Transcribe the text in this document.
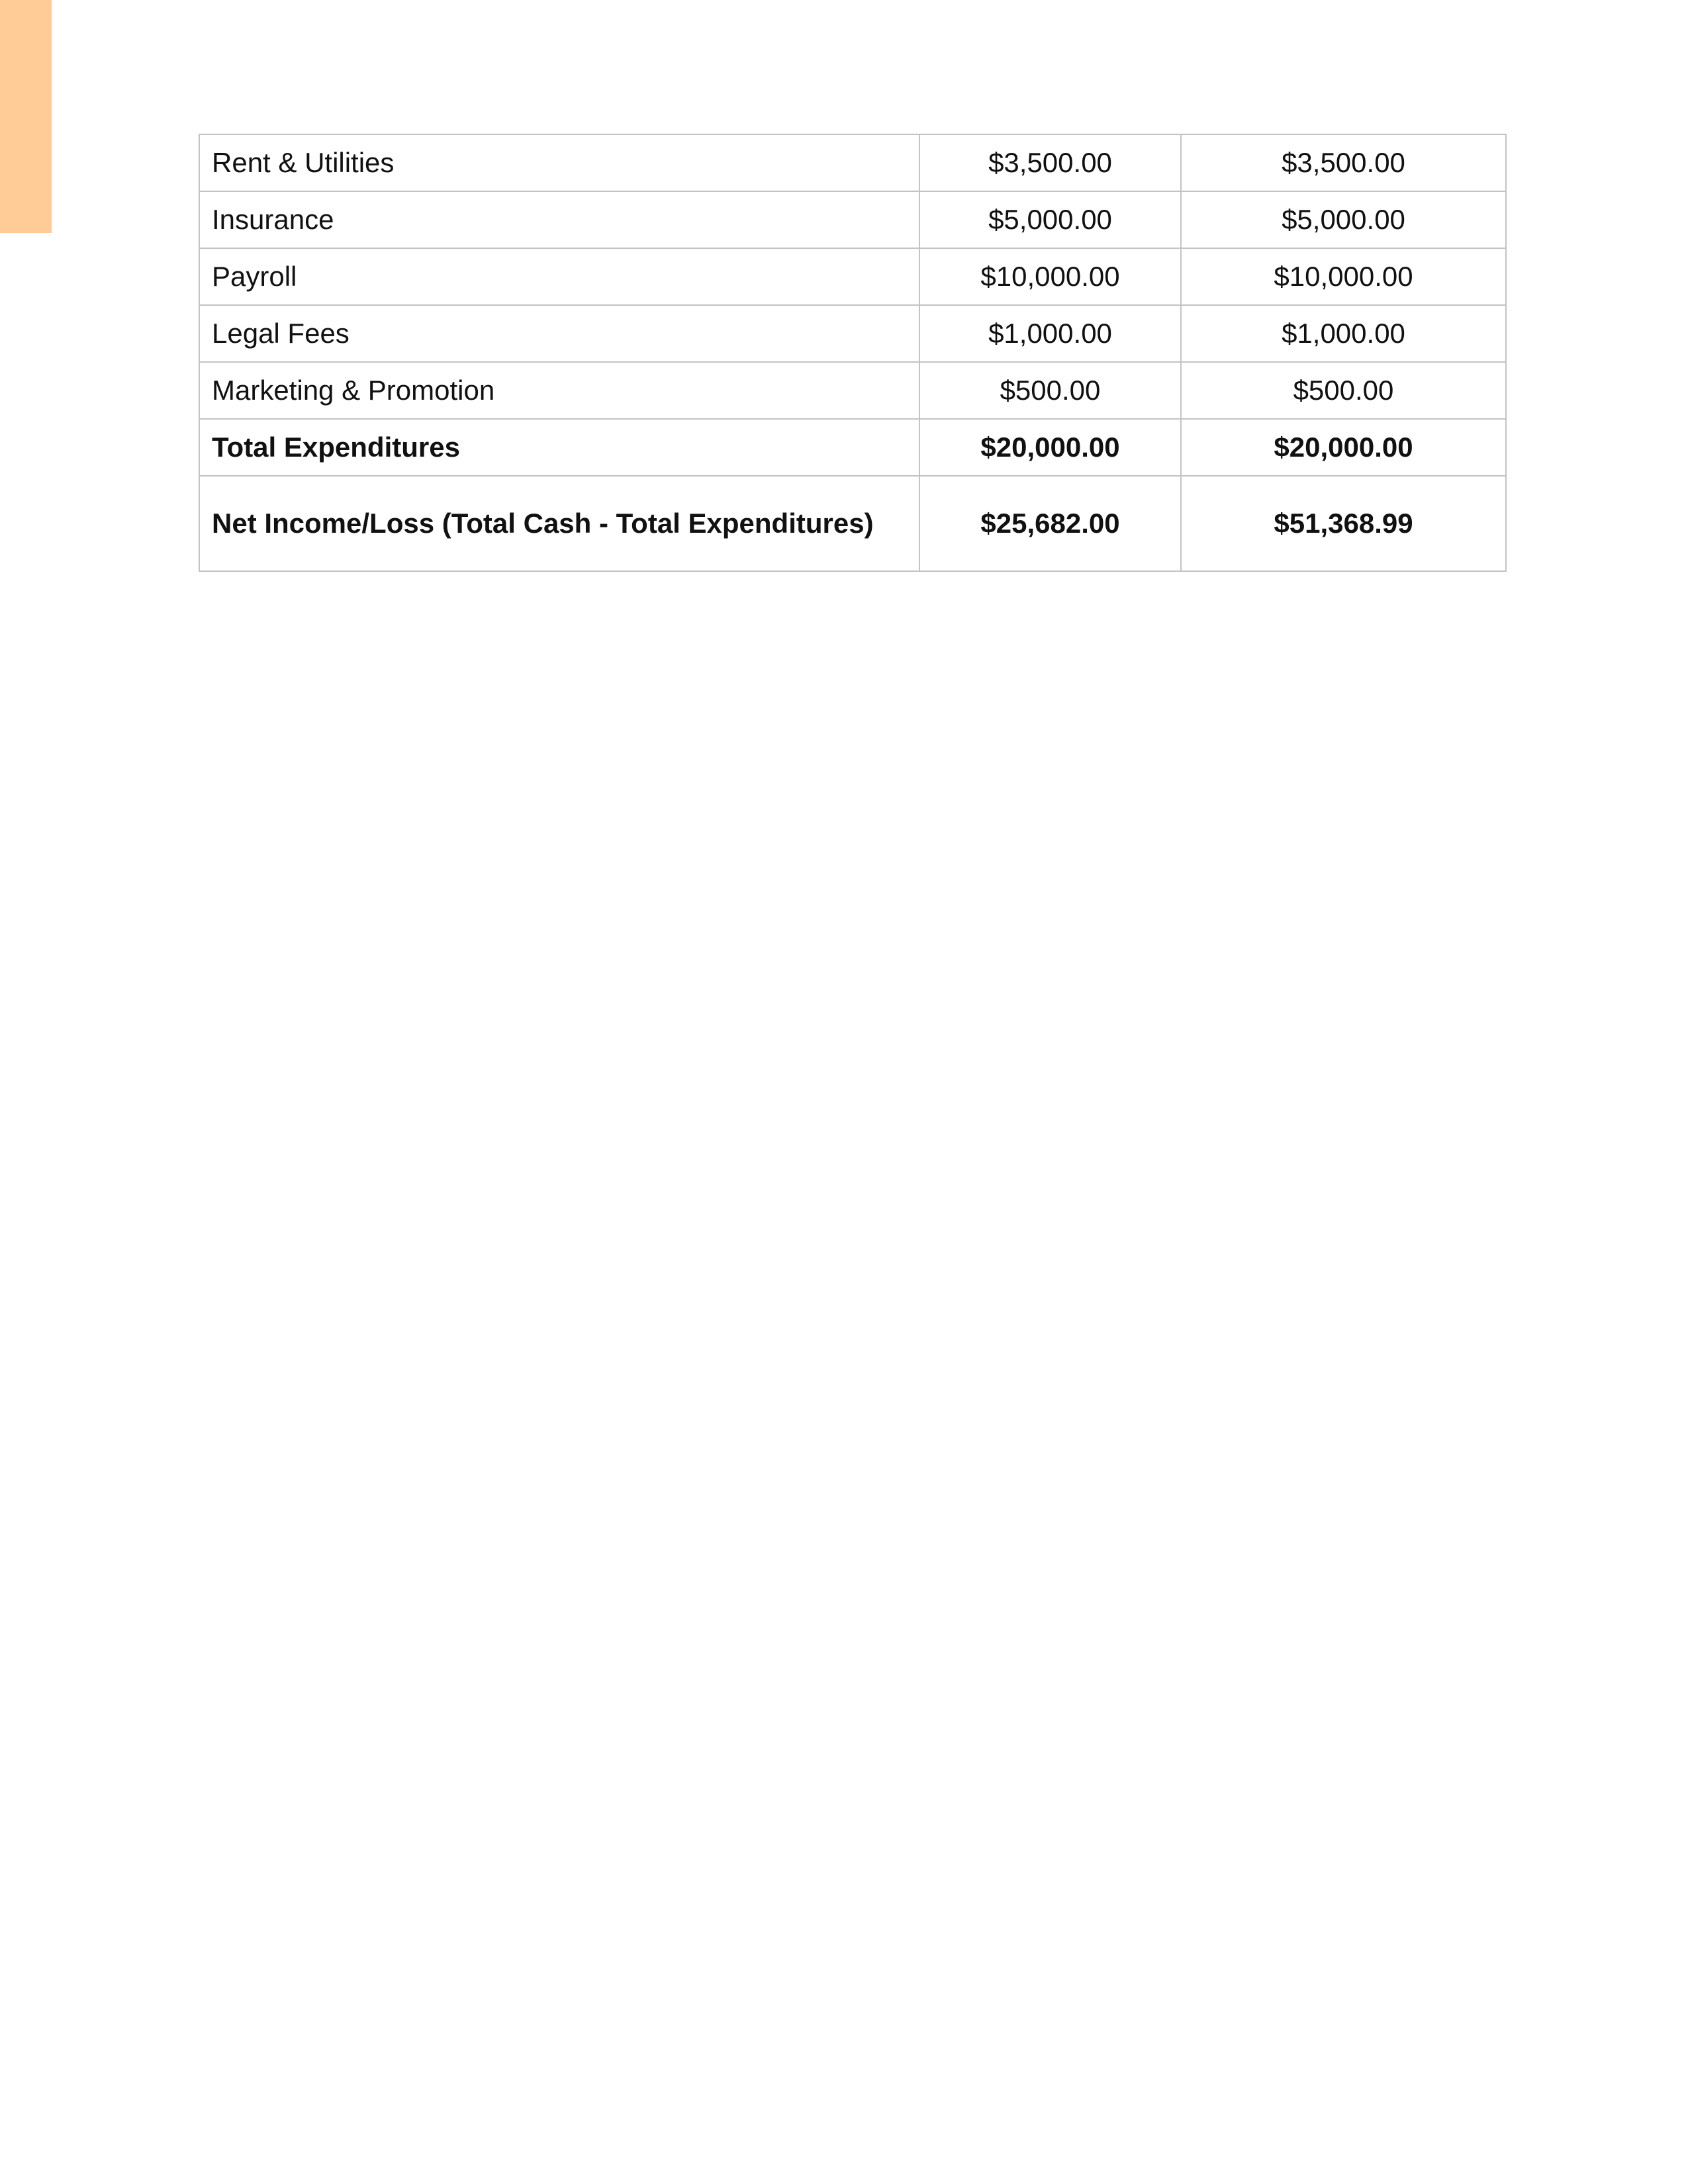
Rent & Utilities	$3,500.00	$3,500.00
Insurance	$5,000.00	$5,000.00
Payroll	$10,000.00	$10,000.00
Legal Fees	$1,000.00	$1,000.00
Marketing & Promotion	$500.00	$500.00
Total Expenditures	$20,000.00	$20,000.00
Net Income/Loss (Total Cash - Total Expenditures)	$25,682.00	$51,368.99
